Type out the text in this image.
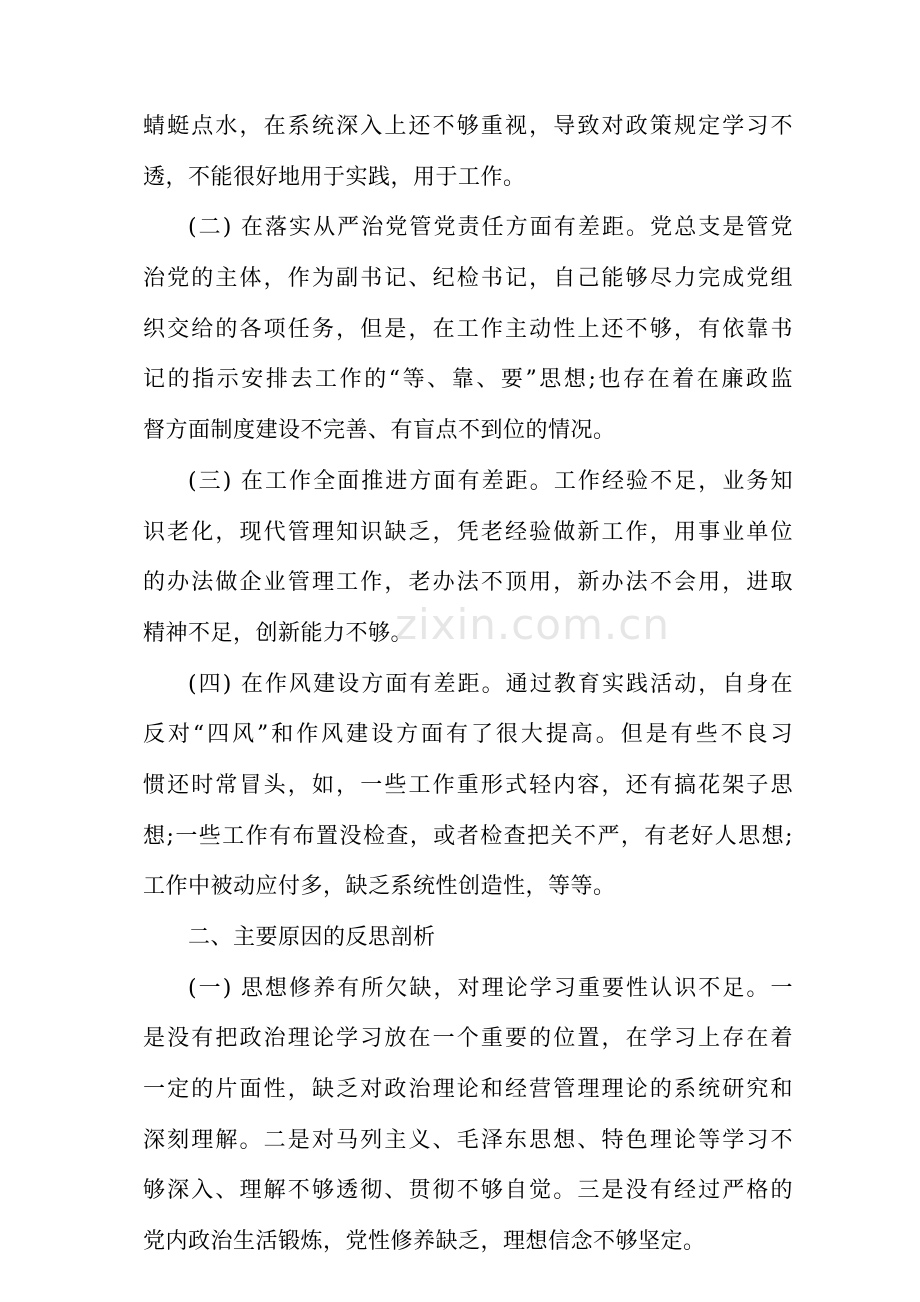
蜻蜓点水，在系统深入上还不够重视，导致对政策规定学习不
透，不能很好地用于实践，用于工作。
(二) 在落实从严治党管党责任方面有差距。党总支是管党
治党的主体，作为副书记、纪检书记，自己能够尽力完成党组
织交给的各项任务，但是，在工作主动性上还不够，有依靠书
记的指示安排去工作的“等、靠、要”思想;也存在着在廉政监
督方面制度建设不完善、有盲点不到位的情况。
(三) 在工作全面推进方面有差距。工作经验不足，业务知
识老化，现代管理知识缺乏，凭老经验做新工作，用事业单位
的办法做企业管理工作，老办法不顶用，新办法不会用，进取
精神不足，创新能力不够。
(四) 在作风建设方面有差距。通过教育实践活动，自身在
反对“四风”和作风建设方面有了很大提高。但是有些不良习
惯还时常冒头，如，一些工作重形式轻内容，还有搞花架子思
想;一些工作有布置没检查，或者检查把关不严，有老好人思想;
工作中被动应付多，缺乏系统性创造性，等等。
二、主要原因的反思剖析
(一) 思想修养有所欠缺，对理论学习重要性认识不足。一
是没有把政治理论学习放在一个重要的位置，在学习上存在着
一定的片面性，缺乏对政治理论和经营管理理论的系统研究和
深刻理解。二是对马列主义、毛泽东思想、特色理论等学习不
够深入、理解不够透彻、贯彻不够自觉。三是没有经过严格的
党内政治生活锻炼，党性修养缺乏，理想信念不够坚定。
zixin.com.cn
